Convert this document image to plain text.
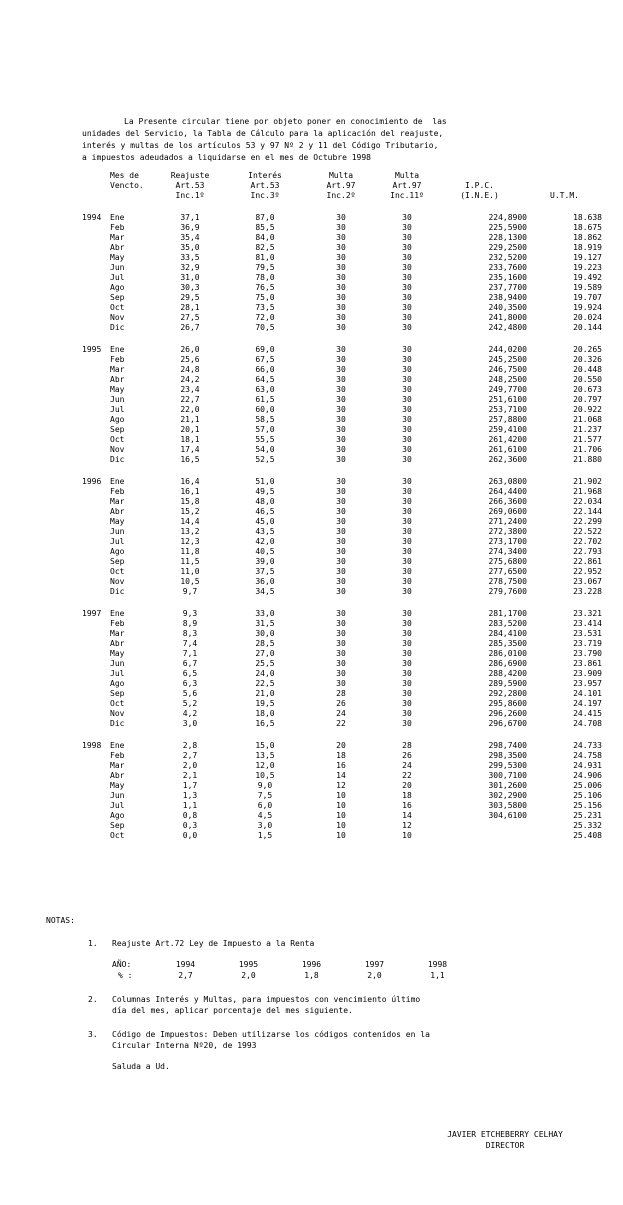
La Presente circular tiene por objeto poner en conocimiento de  las
unidades del Servicio, la Tabla de Cálculo para la aplicación del reajuste,
interés y multas de los artículos 53 y 97 Nº 2 y 11 del Código Tributario,
a impuestos adeudados a liquidarse en el mes de Octubre 1998
	Mes de	Reajuste	Interés	Multa	Multa		
	Vencto.	Art.53	Art.53	Art.97	Art.97	I.P.C.	
		Inc.1º	Inc.3º	Inc.2º	Inc.11º	(I.N.E.)	U.T.M.

1994	Ene	37,1	87,0	30	30	224,8900	18.638
	Feb	36,9	85,5	30	30	225,5900	18.675
	Mar	35,4	84,0	30	30	228,1300	18.862
	Abr	35,0	82,5	30	30	229,2500	18.919
	May	33,5	81,0	30	30	232,5200	19.127
	Jun	32,9	79,5	30	30	233,7600	19.223
	Jul	31,0	78,0	30	30	235,1600	19.492
	Ago	30,3	76,5	30	30	237,7700	19.589
	Sep	29,5	75,0	30	30	238,9400	19.707
	Oct	28,1	73,5	30	30	240,3500	19.924
	Nov	27,5	72,0	30	30	241,8000	20.024
	Dic	26,7	70,5	30	30	242,4800	20.144

1995	Ene	26,0	69,0	30	30	244,0200	20.265
	Feb	25,6	67,5	30	30	245,2500	20.326
	Mar	24,8	66,0	30	30	246,7500	20.448
	Abr	24,2	64,5	30	30	248,2500	20.550
	May	23,4	63,0	30	30	249,7700	20.673
	Jun	22,7	61,5	30	30	251,6100	20.797
	Jul	22,0	60,0	30	30	253,7100	20.922
	Ago	21,1	58,5	30	30	257,8800	21.068
	Sep	20,1	57,0	30	30	259,4100	21.237
	Oct	18,1	55,5	30	30	261,4200	21.577
	Nov	17,4	54,0	30	30	261,6100	21.706
	Dic	16,5	52,5	30	30	262,3600	21.880

1996	Ene	16,4	51,0	30	30	263,0800	21.902
	Feb	16,1	49,5	30	30	264,4400	21.968
	Mar	15,8	48,0	30	30	266,3600	22.034
	Abr	15,2	46,5	30	30	269,0600	22.144
	May	14,4	45,0	30	30	271,2400	22.299
	Jun	13,2	43,5	30	30	272,3800	22.522
	Jul	12,3	42,0	30	30	273,1700	22.702
	Ago	11,8	40,5	30	30	274,3400	22.793
	Sep	11,5	39,0	30	30	275,6800	22.861
	Oct	11,0	37,5	30	30	277,6500	22.952
	Nov	10,5	36,0	30	30	278,7500	23.067
	Dic	9,7	34,5	30	30	279,7600	23.228

1997	Ene	9,3	33,0	30	30	281,1700	23.321
	Feb	8,9	31,5	30	30	283,5200	23.414
	Mar	8,3	30,0	30	30	284,4100	23.531
	Abr	7,4	28,5	30	30	285,3500	23.719
	May	7,1	27,0	30	30	286,0100	23.790
	Jun	6,7	25,5	30	30	286,6900	23.861
	Jul	6,5	24,0	30	30	288,4200	23.909
	Ago	6,3	22,5	30	30	289,5900	23.957
	Sep	5,6	21,0	28	30	292,2800	24.101
	Oct	5,2	19,5	26	30	295,8600	24.197
	Nov	4,2	18,0	24	30	296,2600	24.415
	Dic	3,0	16,5	22	30	296,6700	24.708

1998	Ene	2,8	15,0	20	28	298,7400	24.733
	Feb	2,7	13,5	18	26	298,3500	24.758
	Mar	2,0	12,0	16	24	299,5300	24.931
	Abr	2,1	10,5	14	22	300,7100	24.906
	May	1,7	9,0	12	20	301,2600	25.006
	Jun	1,3	7,5	10	18	302,2900	25.106
	Jul	1,1	6,0	10	16	303,5800	25.156
	Ago	0,8	4,5	10	14	304,6100	25.231
	Sep	0,3	3,0	10	12		25.332
	Oct	0,0	1,5	10	10		25.408
NOTAS:
1.	Reajuste Art.72 Ley de Impuesto a la Renta
AÑO:	1994	1995	1996	1997	1998
% :	2,7	2,0	1,8	2,0	1,1
2.	Columnas Interés y Multas, para impuestos con vencimiento último
día del mes, aplicar porcentaje del mes siguiente.
3.	Código de Impuestos: Deben utilizarse los códigos contenidos en la
Circular Interna Nº20, de 1993
Saluda a Ud.
JAVIER ETCHEBERRY CELHAY
DIRECTOR
